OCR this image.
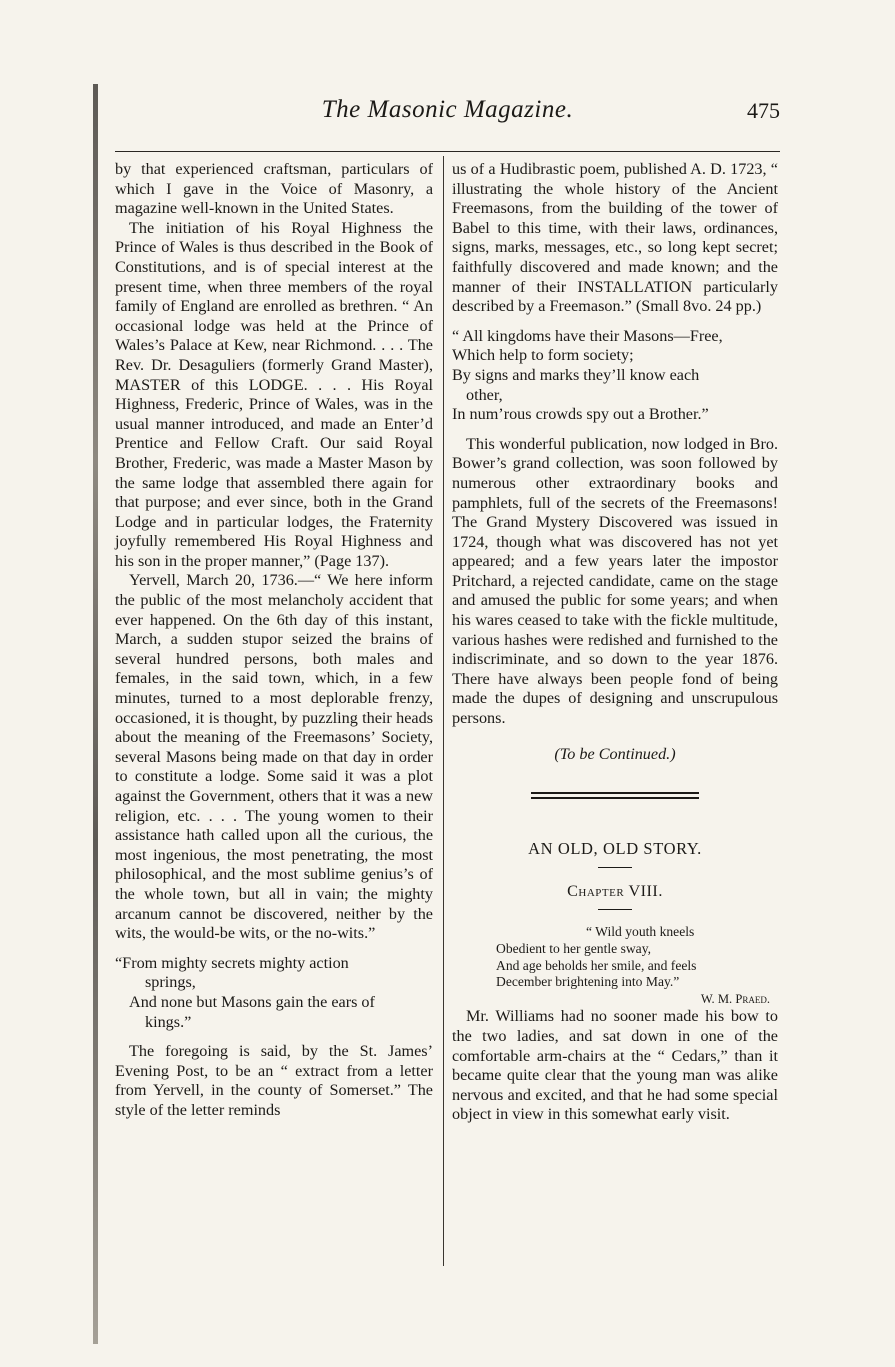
The Masonic Magazine.	475

by that experienced craftsman, particulars of which I gave in the Voice of Masonry, a magazine well-known in the United States.

The initiation of his Royal Highness the Prince of Wales is thus described in the Book of Constitutions, and is of special interest at the present time, when three members of the royal family of England are enrolled as brethren. “ An occasional lodge was held at the Prince of Wales’s Palace at Kew, near Richmond. . . . The Rev. Dr. Desaguliers (formerly Grand Master), MASTER of this LODGE. . . . His Royal Highness, Frederic, Prince of Wales, was in the usual manner introduced, and made an Enter’d Prentice and Fellow Craft. Our said Royal Brother, Frederic, was made a Master Mason by the same lodge that assembled there again for that purpose; and ever since, both in the Grand Lodge and in particular lodges, the Fraternity joyfully remembered His Royal Highness and his son in the proper manner,” (Page 137).

Yervell, March 20, 1736.—“ We here inform the public of the most melancholy accident that ever happened. On the 6th day of this instant, March, a sudden stupor seized the brains of several hundred persons, both males and females, in the said town, which, in a few minutes, turned to a most deplorable frenzy, occasioned, it is thought, by puzzling their heads about the meaning of the Freemasons’ Society, several Masons being made on that day in order to constitute a lodge. Some said it was a plot against the Government, others that it was a new religion, etc. . . . The young women to their assistance hath called upon all the curious, the most ingenious, the most penetrating, the most philosophical, and the most sublime genius’s of the whole town, but all in vain; the mighty arcanum cannot be discovered, neither by the wits, the would-be wits, or the no-wits.”

“From mighty secrets mighty action
springs,
And none but Masons gain the ears of
kings.”

The foregoing is said, by the St. James’ Evening Post, to be an “ extract from a letter from Yervell, in the county of Somerset.” The style of the letter reminds

us of a Hudibrastic poem, published A. D. 1723, “ illustrating the whole history of the Ancient Freemasons, from the building of the tower of Babel to this time, with their laws, ordinances, signs, marks, messages, etc., so long kept secret; faithfully discovered and made known; and the manner of their INSTALLATION particularly described by a Freemason.” (Small 8vo. 24 pp.)

“ All kingdoms have their Masons—Free,
Which help to form society;
By signs and marks they’ll know each
other,
In num’rous crowds spy out a Brother.”

This wonderful publication, now lodged in Bro. Bower’s grand collection, was soon followed by numerous other extraordinary books and pamphlets, full of the secrets of the Freemasons! The Grand Mystery Discovered was issued in 1724, though what was discovered has not yet appeared; and a few years later the impostor Pritchard, a rejected candidate, came on the stage and amused the public for some years; and when his wares ceased to take with the fickle multitude, various hashes were redished and furnished to the indiscriminate, and so down to the year 1876. There have always been people fond of being made the dupes of designing and unscrupulous persons.

(To be Continued.)
AN OLD, OLD STORY.
Chapter VIII.
“ Wild youth kneels
Obedient to her gentle sway,
And age beholds her smile, and feels
December brightening into May.”
W. M. Praed.

Mr. Williams had no sooner made his bow to the two ladies, and sat down in one of the comfortable arm-chairs at the “ Cedars,” than it became quite clear that the young man was alike nervous and excited, and that he had some special object in view in this somewhat early visit.
